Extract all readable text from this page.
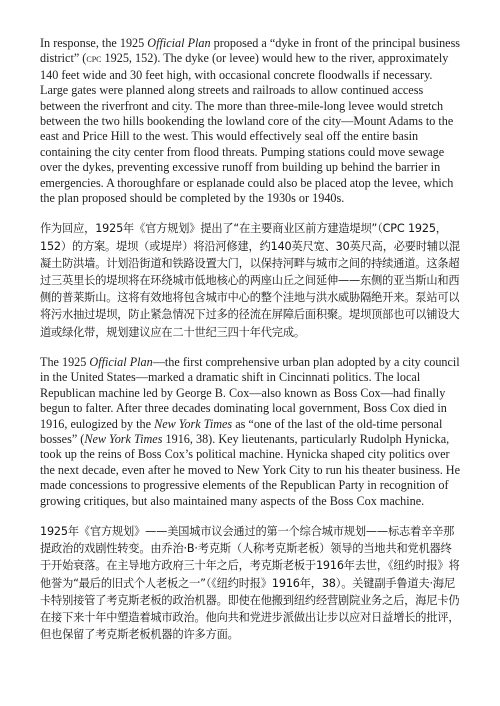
In response, the 1925 Official Plan proposed a “dyke in front of the principal business district” (cpc 1925, 152). The dyke (or levee) would hew to the river, approximately 140 feet wide and 30 feet high, with occasional concrete floodwalls if necessary. Large gates were planned along streets and railroads to allow continued access between the riverfront and city. The more than three-mile-long levee would stretch between the two hills bookending the lowland core of the city—Mount Adams to the east and Price Hill to the west. This would effectively seal off the entire basin containing the city center from flood threats. Pumping stations could move sewage over the dykes, preventing excessive runoff from building up behind the barrier in emergencies. A thoroughfare or esplanade could also be placed atop the levee, which the plan proposed should be completed by the 1930s or 1940s.

作为回应，1925年《官方规划》提出了“在主要商业区前方建造堤坝”（CPC 1925，152）的方案。堤坝（或堤岸）将沿河修建，约140英尺宽、30英尺高，必要时辅以混凝土防洪墙。计划沿街道和铁路设置大门，以保持河畔与城市之间的持续通道。这条超过三英里长的堤坝将在环绕城市低地核心的两座山丘之间延伸——东侧的亚当斯山和西侧的普莱斯山。这将有效地将包含城市中心的整个洼地与洪水威胁隔绝开来。泵站可以将污水抽过堤坝，防止紧急情况下过多的径流在屏障后面积聚。堤坝顶部也可以铺设大道或绿化带，规划建议应在二十世纪三四十年代完成。

The 1925 Official Plan—the first comprehensive urban plan adopted by a city council in the United States—marked a dramatic shift in Cincinnati politics. The local Republican machine led by George B. Cox—also known as Boss Cox—had finally begun to falter. After three decades dominating local government, Boss Cox died in 1916, eulogized by the New York Times as “one of the last of the old-time personal bosses” (New York Times 1916, 38). Key lieutenants, particularly Rudolph Hynicka, took up the reins of Boss Cox’s political machine. Hynicka shaped city politics over the next decade, even after he moved to New York City to run his theater business. He made concessions to progressive elements of the Republican Party in recognition of growing critiques, but also maintained many aspects of the Boss Cox machine.

1925年《官方规划》——美国城市议会通过的第一个综合城市规划——标志着辛辛那提政治的戏剧性转变。由乔治·B·考克斯（人称考克斯老板）领导的当地共和党机器终于开始衰落。在主导地方政府三十年之后，考克斯老板于1916年去世，《纽约时报》将他誉为“最后的旧式个人老板之一”（《纽约时报》1916年，38）。关键副手鲁道夫·海尼卡特别接管了考克斯老板的政治机器。即使在他搬到纽约经营剧院业务之后，海尼卡仍在接下来十年中塑造着城市政治。他向共和党进步派做出让步以应对日益增长的批评，但也保留了考克斯老板机器的许多方面。
